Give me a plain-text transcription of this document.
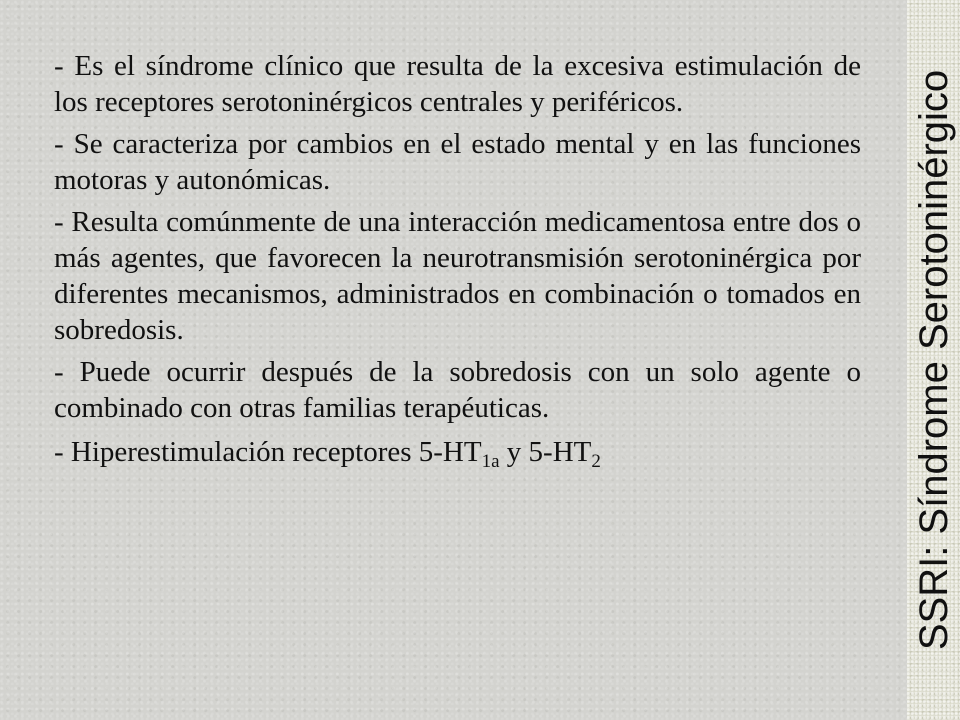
- Es el síndrome clínico que resulta de la excesiva estimulación de los receptores serotoninérgicos centrales y periféricos.

- Se caracteriza por cambios en el estado mental y en las funciones motoras y autonómicas.

- Resulta comúnmente de una interacción medicamentosa entre dos o más agentes, que favorecen la neurotransmisión serotoninérgica por diferentes mecanismos, administrados en combinación o tomados en sobredosis.

- Puede ocurrir después de la sobredosis con un solo agente o combinado con otras familias terapéuticas.

- Hiperestimulación receptores $5-HT_{1a}$ y $5-HT_2$	SSRI: Síndrome Serotoninérgico
